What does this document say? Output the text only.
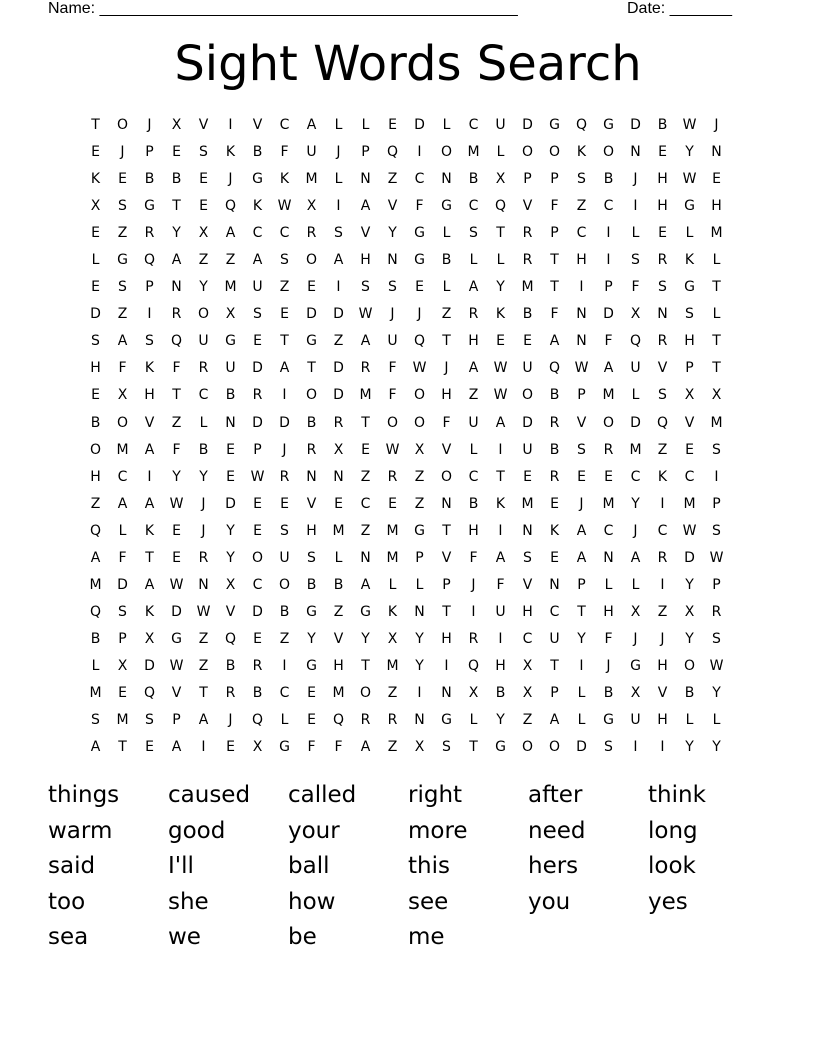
Name: _______________________________________________	Date: _______
Sight Words Search
T	O	J	X	V	I	V	C	A	L	L	E	D	L	C	U	D	G	Q	G	D	B	W	J
E	J	P	E	S	K	B	F	U	J	P	Q	I	O	M	L	O	O	K	O	N	E	Y	N
K	E	B	B	E	J	G	K	M	L	N	Z	C	N	B	X	P	P	S	B	J	H	W	E
X	S	G	T	E	Q	K	W	X	I	A	V	F	G	C	Q	V	F	Z	C	I	H	G	H
E	Z	R	Y	X	A	C	C	R	S	V	Y	G	L	S	T	R	P	C	I	L	E	L	M
L	G	Q	A	Z	Z	A	S	O	A	H	N	G	B	L	L	R	T	H	I	S	R	K	L
E	S	P	N	Y	M	U	Z	E	I	S	S	E	L	A	Y	M	T	I	P	F	S	G	T
D	Z	I	R	O	X	S	E	D	D	W	J	J	Z	R	K	B	F	N	D	X	N	S	L
S	A	S	Q	U	G	E	T	G	Z	A	U	Q	T	H	E	E	A	N	F	Q	R	H	T
H	F	K	F	R	U	D	A	T	D	R	F	W	J	A	W	U	Q	W	A	U	V	P	T
E	X	H	T	C	B	R	I	O	D	M	F	O	H	Z	W	O	B	P	M	L	S	X	X
B	O	V	Z	L	N	D	D	B	R	T	O	O	F	U	A	D	R	V	O	D	Q	V	M
O	M	A	F	B	E	P	J	R	X	E	W	X	V	L	I	U	B	S	R	M	Z	E	S
H	C	I	Y	Y	E	W	R	N	N	Z	R	Z	O	C	T	E	R	E	E	C	K	C	I
Z	A	A	W	J	D	E	E	V	E	C	E	Z	N	B	K	M	E	J	M	Y	I	M	P
Q	L	K	E	J	Y	E	S	H	M	Z	M	G	T	H	I	N	K	A	C	J	C	W	S
A	F	T	E	R	Y	O	U	S	L	N	M	P	V	F	A	S	E	A	N	A	R	D	W
M	D	A	W	N	X	C	O	B	B	A	L	L	P	J	F	V	N	P	L	L	I	Y	P
Q	S	K	D	W	V	D	B	G	Z	G	K	N	T	I	U	H	C	T	H	X	Z	X	R
B	P	X	G	Z	Q	E	Z	Y	V	Y	X	Y	H	R	I	C	U	Y	F	J	J	Y	S
L	X	D	W	Z	B	R	I	G	H	T	M	Y	I	Q	H	X	T	I	J	G	H	O	W
M	E	Q	V	T	R	B	C	E	M	O	Z	I	N	X	B	X	P	L	B	X	V	B	Y
S	M	S	P	A	J	Q	L	E	Q	R	R	N	G	L	Y	Z	A	L	G	U	H	L	L
A	T	E	A	I	E	X	G	F	F	A	Z	X	S	T	G	O	O	D	S	I	I	Y	Y
things	caused	called	right	after	think
warm	good	your	more	need	long
said	I'll	ball	this	hers	look
too	she	how	see	you	yes
sea	we	be	me
